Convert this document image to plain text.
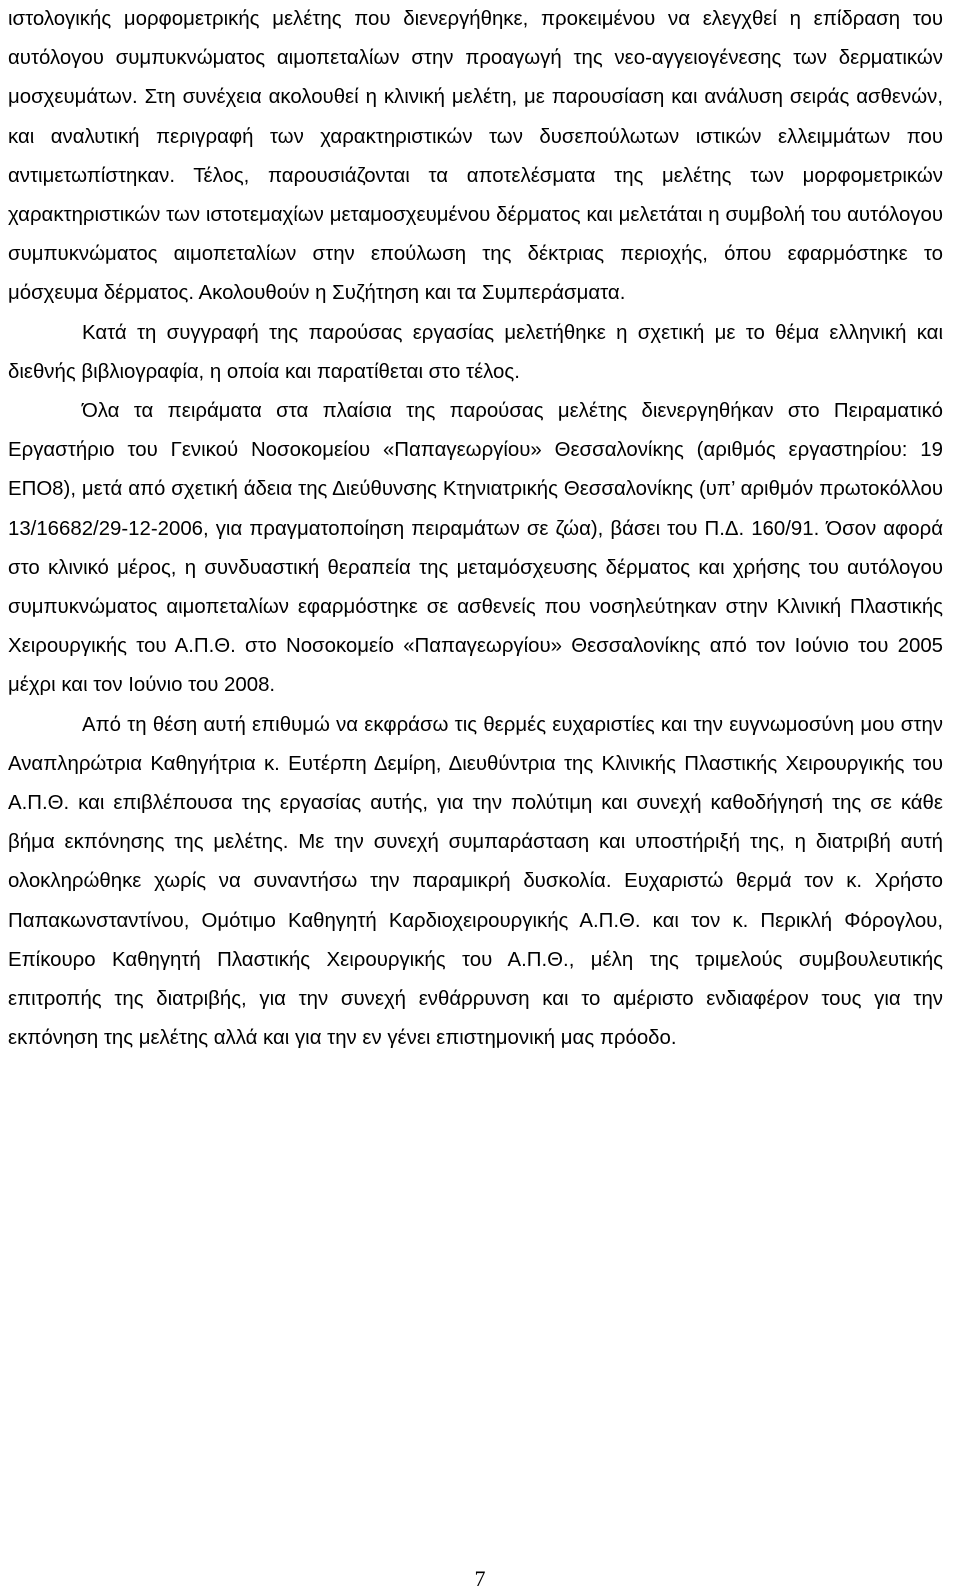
ιστολογικής μορφομετρικής μελέτης που διενεργήθηκε, προκειμένου να ελεγχθεί η επίδραση του αυτόλογου συμπυκνώματος αιμοπεταλίων στην προαγωγή της νεο-αγγειογένεσης των δερματικών μοσχευμάτων. Στη συνέχεια ακολουθεί η κλινική μελέτη, με παρουσίαση και ανάλυση σειράς ασθενών, και αναλυτική περιγραφή των χαρακτηριστικών των δυσεπούλωτων ιστικών ελλειμμάτων που αντιμετωπίστηκαν. Τέλος, παρουσιάζονται τα αποτελέσματα της μελέτης των μορφομετρικών χαρακτηριστικών των ιστοτεμαχίων μεταμοσχευμένου δέρματος και μελετάται η συμβολή του αυτόλογου συμπυκνώματος αιμοπεταλίων στην επούλωση της δέκτριας περιοχής, όπου εφαρμόστηκε το μόσχευμα δέρματος. Ακολουθούν η Συζήτηση και τα Συμπεράσματα.

Κατά τη συγγραφή της παρούσας εργασίας μελετήθηκε η σχετική με το θέμα ελληνική και διεθνής βιβλιογραφία, η οποία και παρατίθεται στο τέλος.

Όλα τα πειράματα στα πλαίσια της παρούσας μελέτης διενεργηθήκαν στο Πειραματικό Εργαστήριο του Γενικού Νοσοκομείου «Παπαγεωργίου» Θεσσαλονίκης (αριθμός εργαστηρίου: 19 ΕΠΟ8), μετά από σχετική άδεια της Διεύθυνσης Κτηνιατρικής Θεσσαλονίκης (υπ’ αριθμόν πρωτοκόλλου 13/16682/29-12-2006, για πραγματοποίηση πειραμάτων σε ζώα), βάσει του Π.Δ. 160/91. Όσον αφορά στο κλινικό μέρος, η συνδυαστική θεραπεία της μεταμόσχευσης δέρματος και χρήσης του αυτόλογου συμπυκνώματος αιμοπεταλίων εφαρμόστηκε σε ασθενείς που νοσηλεύτηκαν στην Κλινική Πλαστικής Χειρουργικής του Α.Π.Θ. στο Νοσοκομείο «Παπαγεωργίου» Θεσσαλονίκης από τον Ιούνιο του 2005 μέχρι και τον Ιούνιο του 2008.

Από τη θέση αυτή επιθυμώ να εκφράσω τις θερμές ευχαριστίες και την ευγνωμοσύνη μου στην Αναπληρώτρια Καθηγήτρια κ. Ευτέρπη Δεμίρη, Διευθύντρια της Κλινικής Πλαστικής Χειρουργικής του Α.Π.Θ. και επιβλέπουσα της εργασίας αυτής, για την πολύτιμη και συνεχή καθοδήγησή της σε κάθε βήμα εκπόνησης της μελέτης. Με την συνεχή συμπαράσταση και υποστήριξή της, η διατριβή αυτή ολοκληρώθηκε χωρίς να συναντήσω την παραμικρή δυσκολία. Ευχαριστώ θερμά τον κ. Χρήστο Παπακωνσταντίνου, Ομότιμο Καθηγητή Καρδιοχειρουργικής Α.Π.Θ. και τον κ. Περικλή Φόρογλου, Επίκουρο Καθηγητή Πλαστικής Χειρουργικής του Α.Π.Θ., μέλη της τριμελούς συμβουλευτικής επιτροπής της διατριβής, για την συνεχή ενθάρρυνση και το αμέριστο ενδιαφέρον τους για την εκπόνηση της μελέτης αλλά και για την εν γένει επιστημονική μας πρόοδο.

7
